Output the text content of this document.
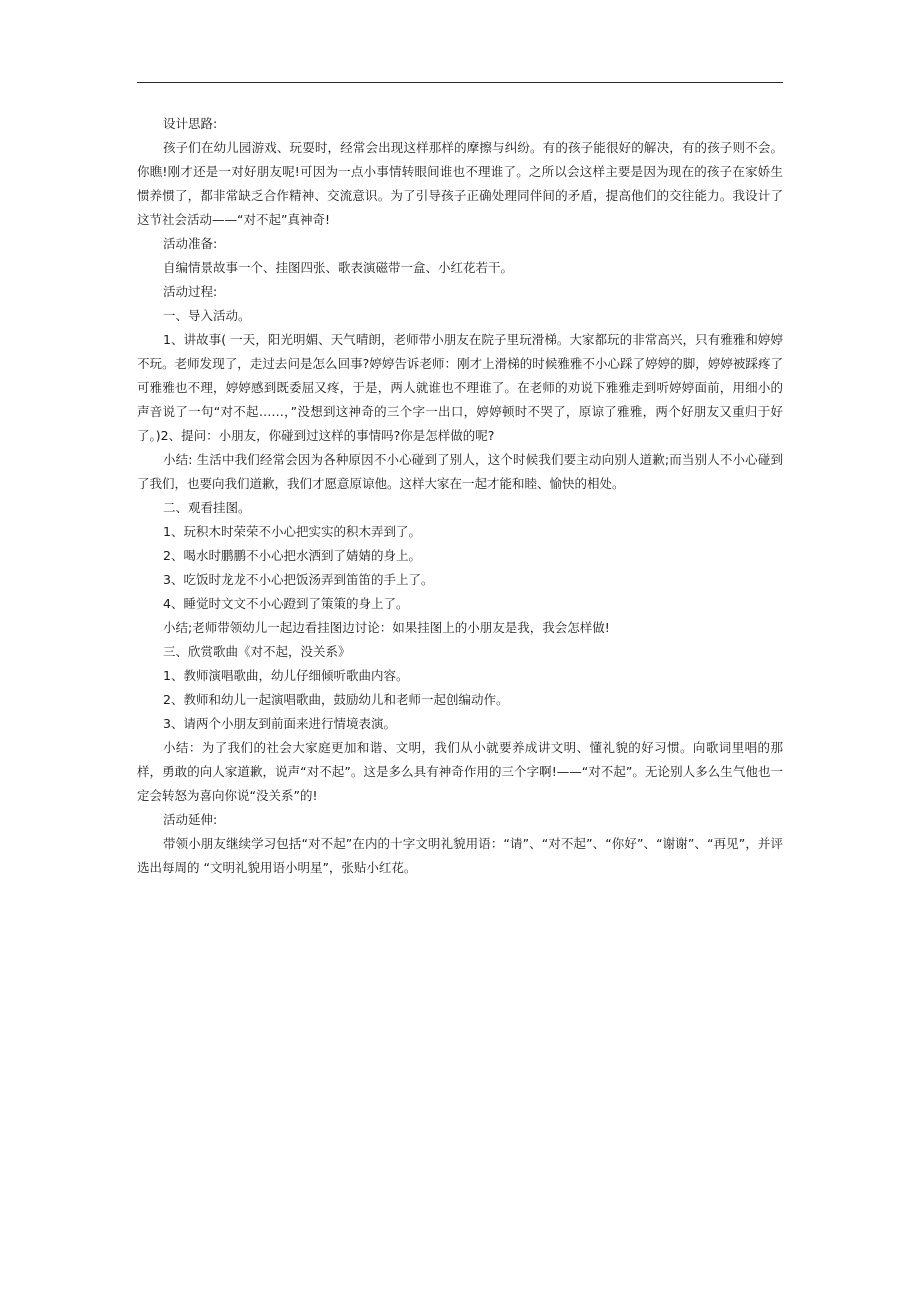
设计思路:

孩子们在幼儿园游戏、玩耍时，经常会出现这样那样的摩擦与纠纷。有的孩子能很好的解决，有的孩子则不会。你瞧!刚才还是一对好朋友呢!可因为一点小事情转眼间谁也不理谁了。之所以会这样主要是因为现在的孩子在家娇生惯养惯了，都非常缺乏合作精神、交流意识。为了引导孩子正确处理同伴间的矛盾，提高他们的交往能力。我设计了这节社会活动——“对不起”真神奇!

活动准备:

自编情景故事一个、挂图四张、歌表演磁带一盒、小红花若干。

活动过程:

一、导入活动。

1、讲故事( 一天，阳光明媚、天气晴朗，老师带小朋友在院子里玩滑梯。大家都玩的非常高兴，只有雅雅和婷婷不玩。老师发现了，走过去问是怎么回事?婷婷告诉老师：刚才上滑梯的时候雅雅不小心踩了婷婷的脚，婷婷被踩疼了可雅雅也不理，婷婷感到既委屈又疼，于是，两人就谁也不理谁了。在老师的劝说下雅雅走到听婷婷面前，用细小的声音说了一句“对不起……，”没想到这神奇的三个字一出口，婷婷顿时不哭了，原谅了雅雅，两个好朋友又重归于好了。)2、提问：小朋友，你碰到过这样的事情吗?你是怎样做的呢?

小结: 生活中我们经常会因为各种原因不小心碰到了别人，这个时候我们要主动向别人道歉;而当别人不小心碰到了我们，也要向我们道歉，我们才愿意原谅他。这样大家在一起才能和睦、愉快的相处。

二、观看挂图。

1、玩积木时荣荣不小心把实实的积木弄到了。

2、喝水时鹏鹏不小心把水洒到了婧婧的身上。

3、吃饭时龙龙不小心把饭汤弄到笛笛的手上了。

4、睡觉时文文不小心蹬到了策策的身上了。

小结;老师带领幼儿一起边看挂图边讨论：如果挂图上的小朋友是我，我会怎样做!

三、欣赏歌曲《对不起，没关系》

1、教师演唱歌曲，幼儿仔细倾听歌曲内容。

2、教师和幼儿一起演唱歌曲，鼓励幼儿和老师一起创编动作。

3、请两个小朋友到前面来进行情境表演。

小结：为了我们的社会大家庭更加和谐、文明，我们从小就要养成讲文明、懂礼貌的好习惯。向歌词里唱的那样，勇敢的向人家道歉，说声“对不起”。这是多么具有神奇作用的三个字啊!——“对不起”。无论别人多么生气他也一定会转怒为喜向你说“没关系”的!

活动延伸:

带领小朋友继续学习包括“对不起”在内的十字文明礼貌用语：“请”、“对不起”、“你好”、“谢谢”、“再见”，并评选出每周的 “文明礼貌用语小明星”，张贴小红花。
